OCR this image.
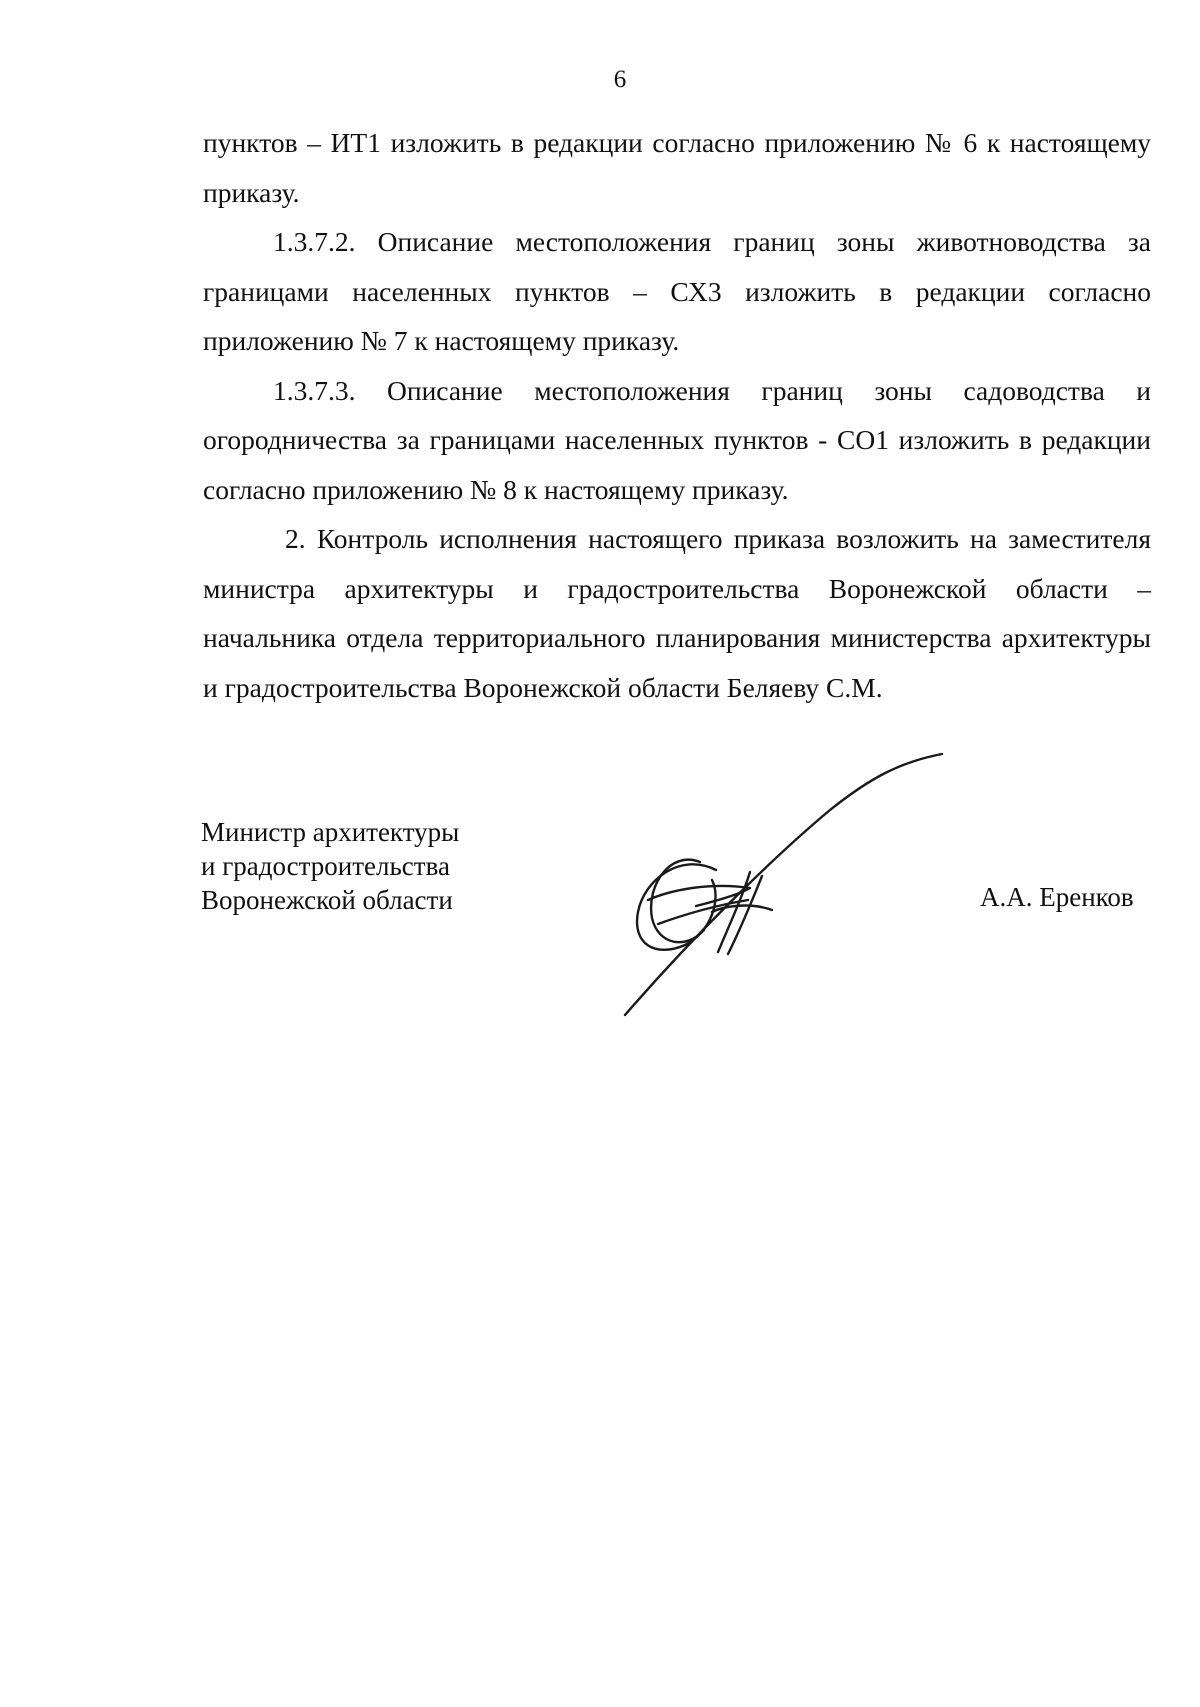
6

пунктов – ИТ1 изложить в редакции согласно приложению № 6 к настоящему приказу.

1.3.7.2. Описание местоположения границ зоны животноводства за границами населенных пунктов – СХ3 изложить в редакции согласно приложению № 7 к настоящему приказу.

1.3.7.3. Описание местоположения границ зоны садоводства и огородничества за границами населенных пунктов - СО1 изложить в редакции согласно приложению № 8 к настоящему приказу.

2. Контроль исполнения настоящего приказа возложить на заместителя министра архитектуры и градостроительства Воронежской области – начальника отдела территориального планирования министерства архитектуры и градостроительства Воронежской области Беляеву С.М.

Министр архитектуры
и градостроительства
Воронежской области	А.А. Еренков
